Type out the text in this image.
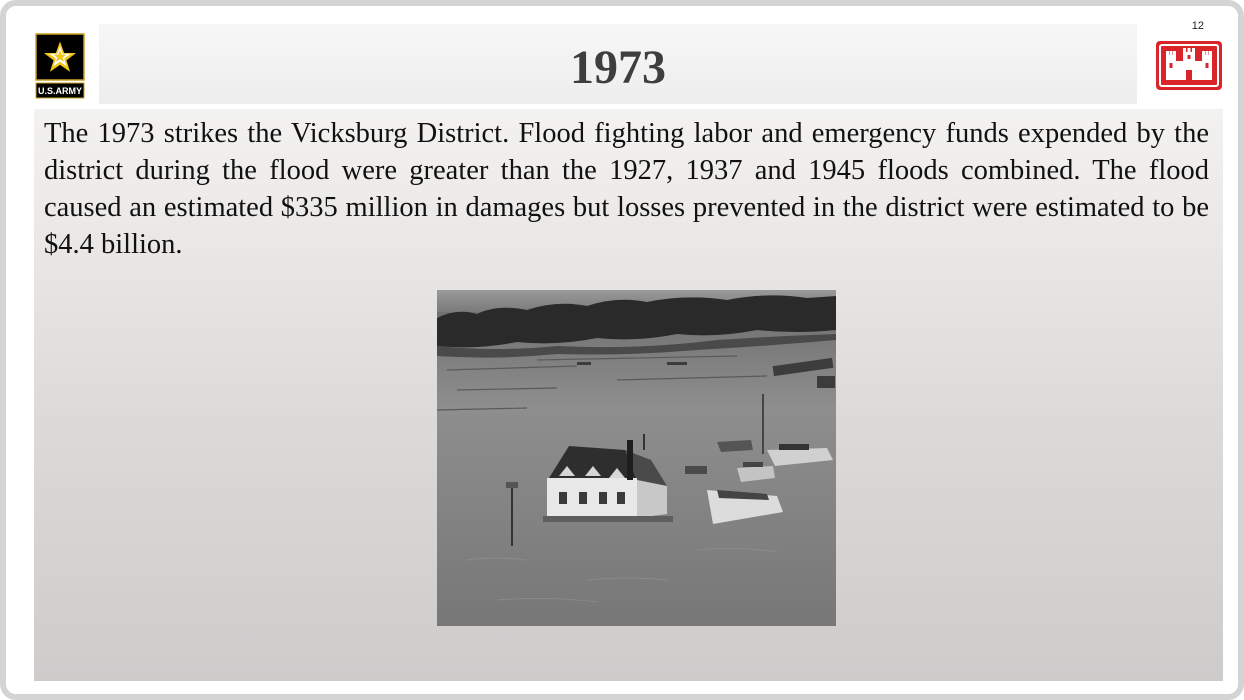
12
U.S.ARMY	1973

The 1973 strikes the Vicksburg District. Flood fighting labor and emergency funds expended by the district during the flood were greater than the 1927, 1937 and 1945 floods combined. The flood caused an estimated $335 million in damages but losses prevented in the district were estimated to be $4.4 billion.
